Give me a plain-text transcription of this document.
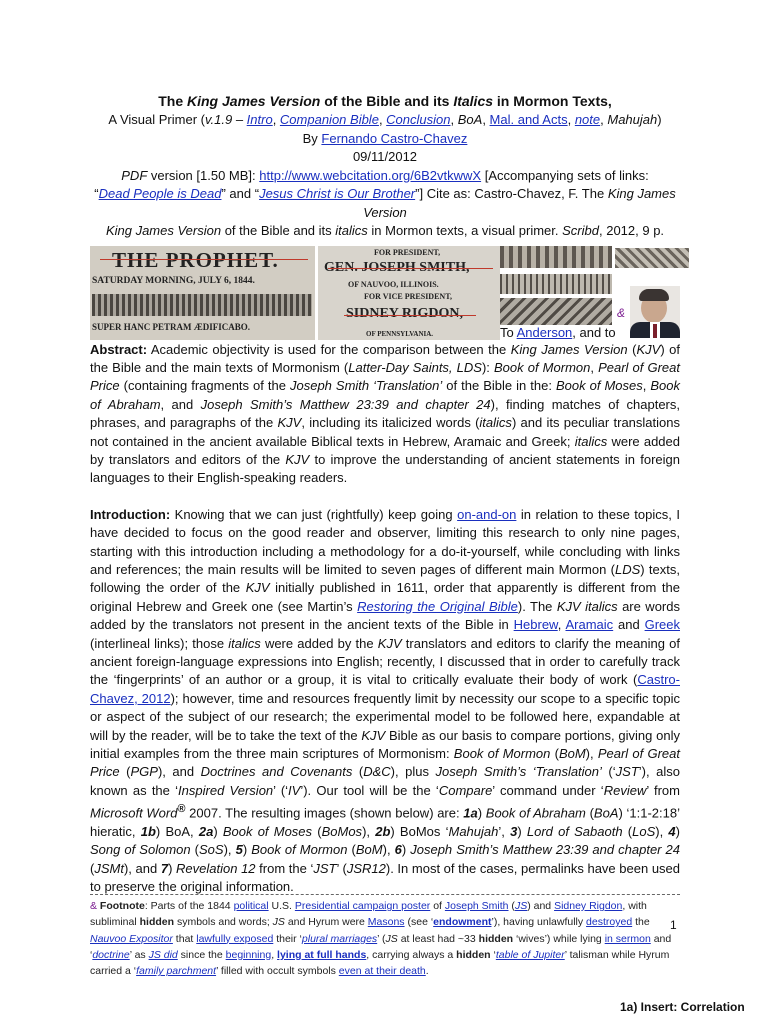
The King James Version of the Bible and its Italics in Mormon Texts,
A Visual Primer (v.1.9 – Intro, Companion Bible, Conclusion, BoA, Mal. and Acts, note, Mahujah)
By Fernando Castro-Chavez
09/11/2012
PDF version [1.50 MB]: http://www.webcitation.org/6B2vtkwwX [Accompanying sets of links:
“Dead People is Dead” and “Jesus Christ is Our Brother”] Cite as: Castro-Chavez, F. The King James Version
King James Version of the Bible and its italics in Mormon texts, a visual primer. Scribd, 2012, 9 p.
THE PROPHET.
SATURDAY MORNING, JULY 6, 1844.
SUPER HANC PETRAM ÆDIFICABO.
FOR PRESIDENT,
GEN. JOSEPH SMITH,
OF NAUVOO, ILLINOIS.
FOR VICE PRESIDENT,
SIDNEY RIGDON,
OF PENNSYLVANIA.
&
To Anderson, and to
Abstract: Academic objectivity is used for the comparison between the King James Version (KJV) of the Bible and the main texts of Mormonism (Latter-Day Saints, LDS): Book of Mormon, Pearl of Great Price (containing fragments of the Joseph Smith ‘Translation’ of the Bible in the: Book of Moses, Book of Abraham, and Joseph Smith’s Matthew 23:39 and chapter 24), finding matches of chapters, phrases, and paragraphs of the KJV, including its italicized words (italics) and its peculiar translations not contained in the ancient available Biblical texts in Hebrew, Aramaic and Greek; italics were added by translators and editors of the KJV to improve the understanding of ancient statements in foreign languages to their English-speaking readers.
Introduction: Knowing that we can just (rightfully) keep going on-and-on in relation to these topics, I have decided to focus on the good reader and observer, limiting this research to only nine pages, starting with this introduction including a methodology for a do-it-yourself, while concluding with links and references; the main results will be limited to seven pages of different main Mormon (LDS) texts, following the order of the KJV initially published in 1611, order that apparently is different from the original Hebrew and Greek one (see Martin’s Restoring the Original Bible). The KJV italics are words added by the translators not present in the ancient texts of the Bible in Hebrew, Aramaic and Greek (interlineal links); those italics were added by the KJV translators and editors to clarify the meaning of ancient foreign-language expressions into English; recently, I discussed that in order to carefully track the ‘fingerprints’ of an author or a group, it is vital to critically evaluate their body of work (Castro-Chavez, 2012); however, time and resources frequently limit by necessity our scope to a specific topic or aspect of the subject of our research; the experimental model to be followed here, expandable at will by the reader, will be to take the text of the KJV Bible as our basis to compare portions, giving only initial examples from the three main scriptures of Mormonism: Book of Mormon (BoM), Pearl of Great Price (PGP), and Doctrines and Covenants (D&C), plus Joseph Smith’s ‘Translation’ (‘JST’), also known as the ‘Inspired Version’ (‘IV’). Our tool will be the ‘Compare’ command under ‘Review’ from Microsoft Word® 2007. The resulting images (shown below) are: 1a) Book of Abraham (BoA) ‘1:1-2:18’ hieratic, 1b) BoA, 2a) Book of Moses (BoMos), 2b) BoMos ‘Mahujah’, 3) Lord of Sabaoth (LoS), 4) Song of Solomon (SoS), 5) Book of Mormon (BoM), 6) Joseph Smith’s Matthew 23:39 and chapter 24 (JSMt), and 7) Revelation 12 from the ‘JST’ (JSR12). In most of the cases, permalinks have been used to preserve the original information.
& Footnote: Parts of the 1844 political U.S. Presidential campaign poster of Joseph Smith (JS) and Sidney Rigdon, with subliminal hidden symbols and words; JS and Hyrum were Masons (see ‘endowment’), having unlawfully destroyed the Nauvoo Expositor that lawfully exposed their ‘plural marriages’ (JS at least had ~33 hidden ‘wives’) while lying in sermon and ‘doctrine’ as JS did since the beginning, lying at full hands, carrying always a hidden ‘table of Jupiter’ talisman while Hyrum carried a ‘family parchment’ filled with occult symbols even at their death.
1
1a) Insert: Correlation
